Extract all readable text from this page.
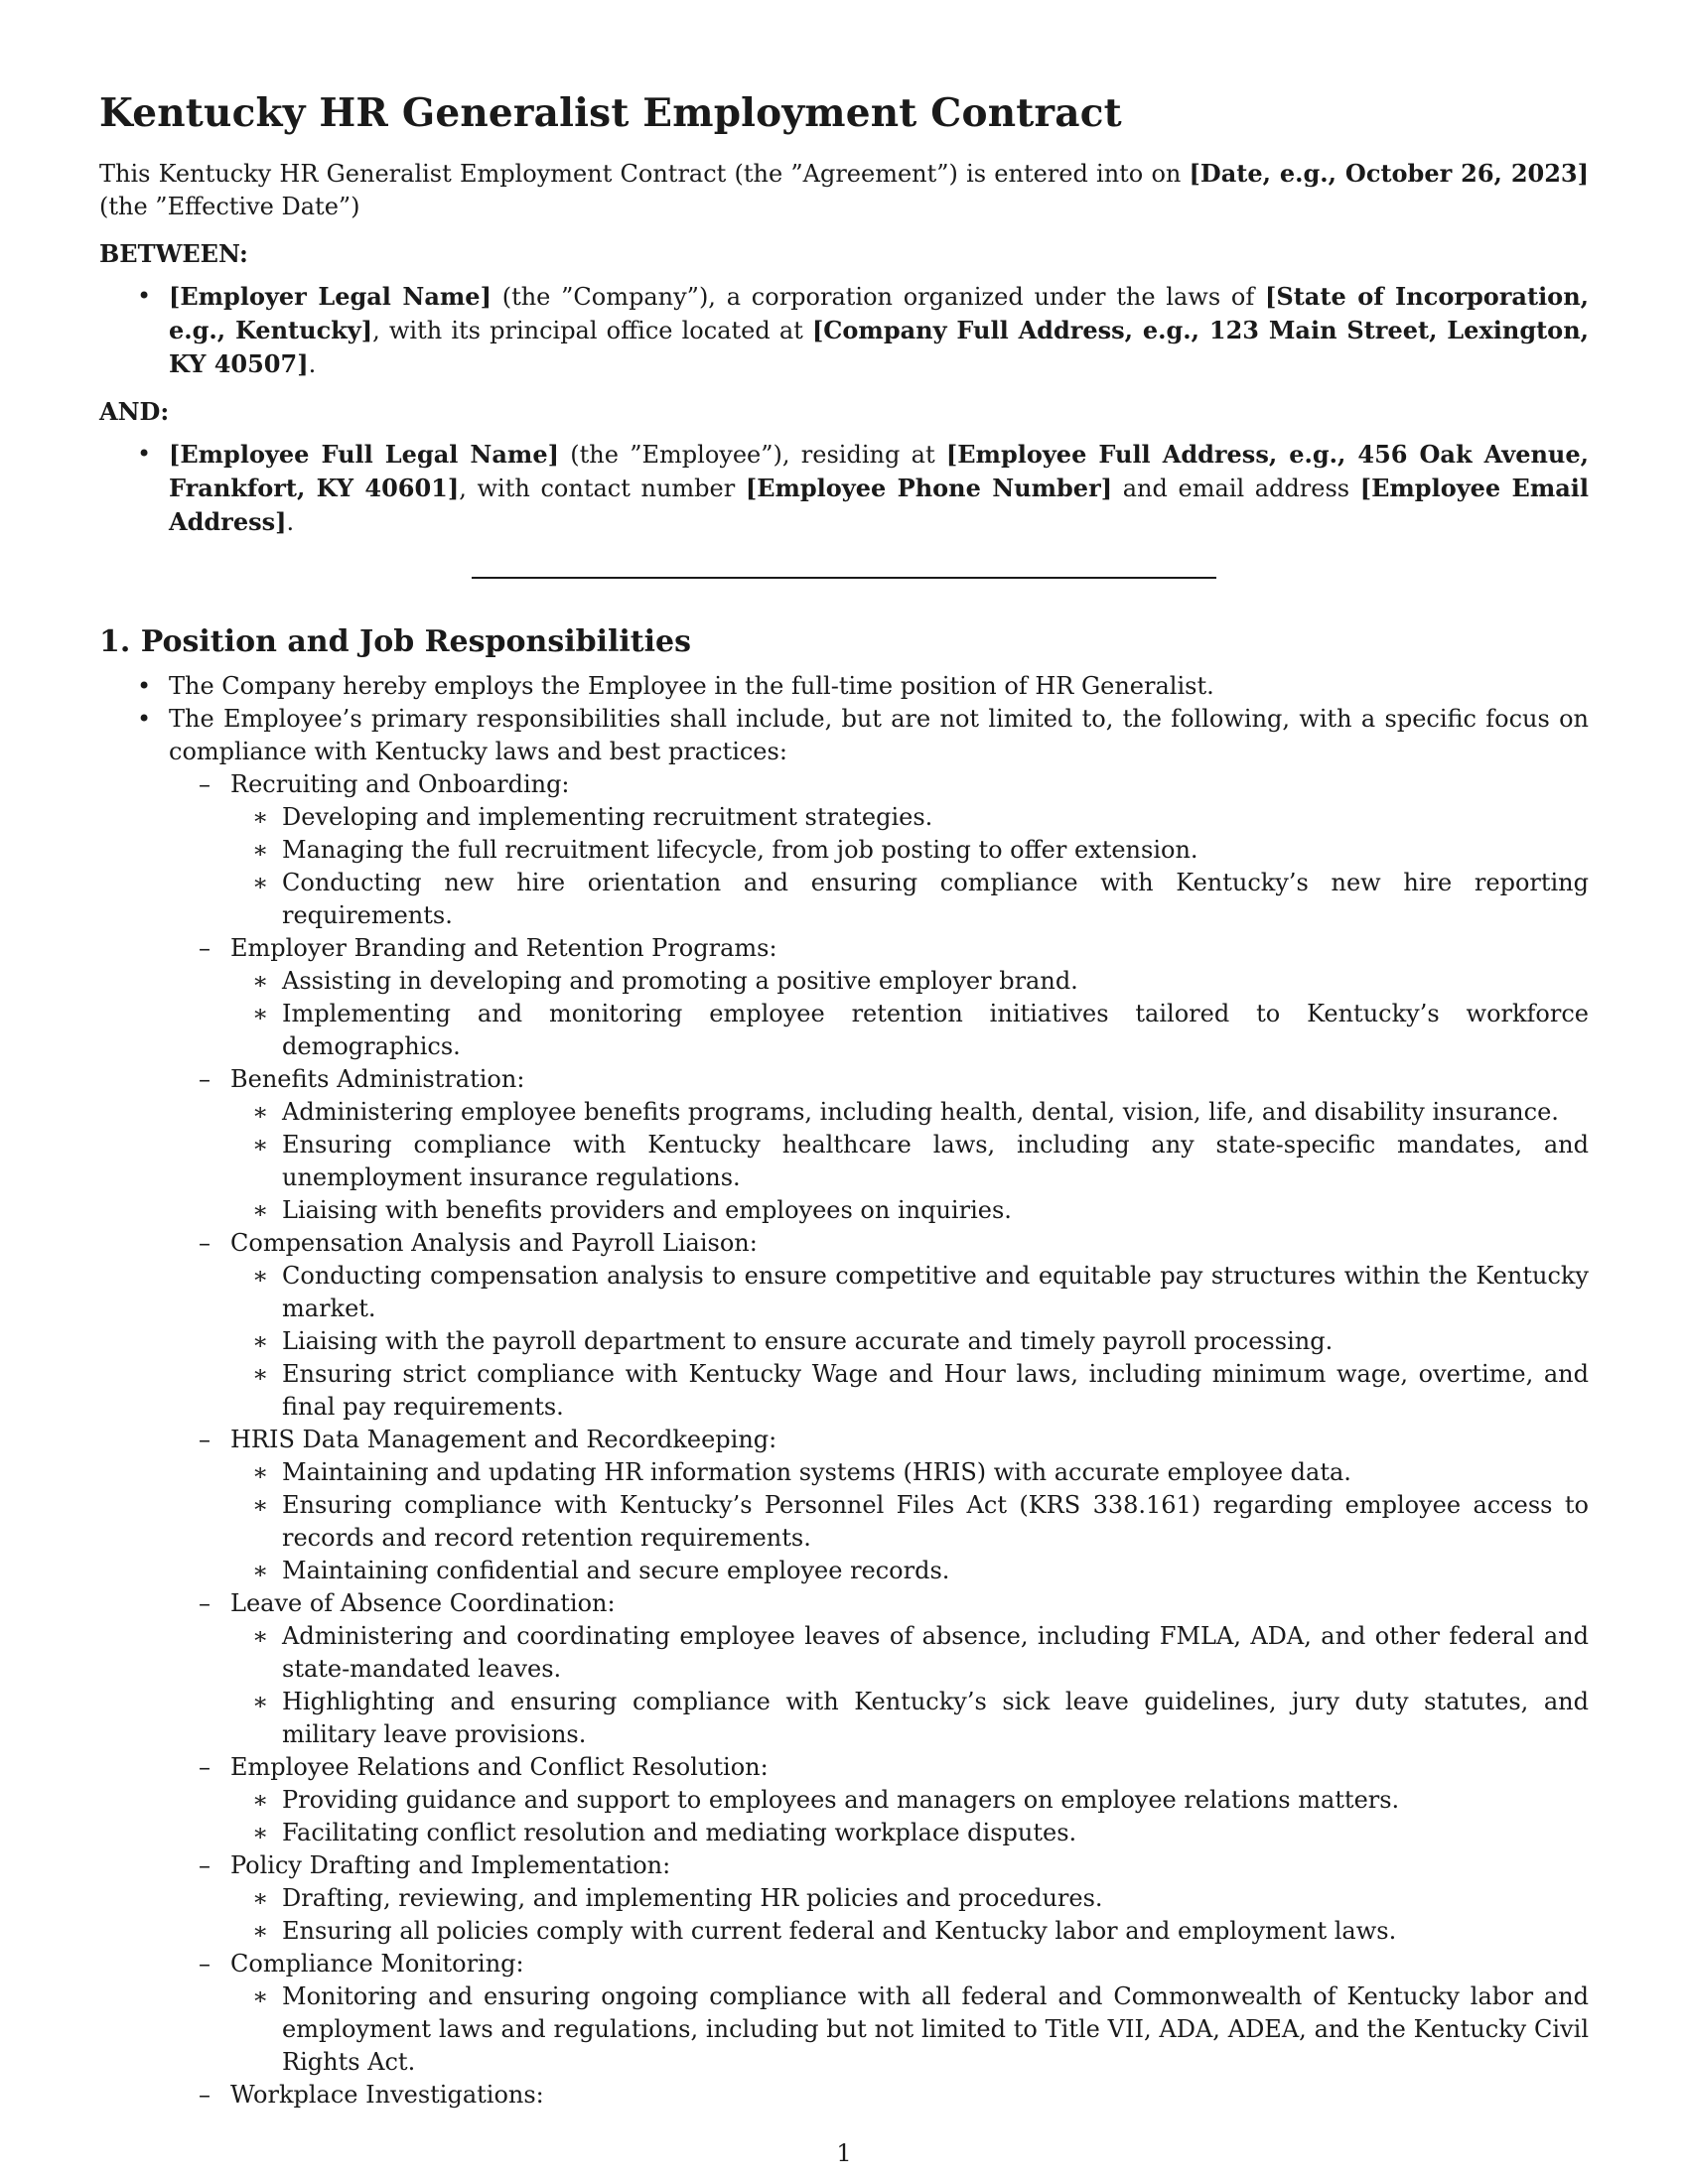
Kentucky HR Generalist Employment Contract
This Kentucky HR Generalist Employment Contract (the ”Agreement”) is entered into on [Date, e.g., October 26, 2023] (the ”Effective Date”)
BETWEEN:
• [Employer Legal Name] (the ”Company”), a corporation organized under the laws of [State of Incorporation, e.g., Kentucky], with its principal office located at [Company Full Address, e.g., 123 Main Street, Lexington, KY 40507].
AND:
• [Employee Full Legal Name] (the ”Employee”), residing at [Employee Full Address, e.g., 456 Oak Avenue, Frankfort, KY 40601], with contact number [Employee Phone Number] and email address [Employee Email Address].
1. Position and Job Responsibilities
• The Company hereby employs the Employee in the full-time position of HR Generalist.
• The Employee’s primary responsibilities shall include, but are not limited to, the following, with a specific focus on compliance with Kentucky laws and best practices:
– Recruiting and Onboarding:
∗ Developing and implementing recruitment strategies.
∗ Managing the full recruitment lifecycle, from job posting to offer extension.
∗ Conducting new hire orientation and ensuring compliance with Kentucky’s new hire reporting requirements.
– Employer Branding and Retention Programs:
∗ Assisting in developing and promoting a positive employer brand.
∗ Implementing and monitoring employee retention initiatives tailored to Kentucky’s workforce demographics.
– Benefits Administration:
∗ Administering employee benefits programs, including health, dental, vision, life, and disability insurance.
∗ Ensuring compliance with Kentucky healthcare laws, including any state-specific mandates, and unemployment insurance regulations.
∗ Liaising with benefits providers and employees on inquiries.
– Compensation Analysis and Payroll Liaison:
∗ Conducting compensation analysis to ensure competitive and equitable pay structures within the Kentucky market.
∗ Liaising with the payroll department to ensure accurate and timely payroll processing.
∗ Ensuring strict compliance with Kentucky Wage and Hour laws, including minimum wage, overtime, and final pay requirements.
– HRIS Data Management and Recordkeeping:
∗ Maintaining and updating HR information systems (HRIS) with accurate employee data.
∗ Ensuring compliance with Kentucky’s Personnel Files Act (KRS 338.161) regarding employee access to records and record retention requirements.
∗ Maintaining confidential and secure employee records.
– Leave of Absence Coordination:
∗ Administering and coordinating employee leaves of absence, including FMLA, ADA, and other federal and state-mandated leaves.
∗ Highlighting and ensuring compliance with Kentucky’s sick leave guidelines, jury duty statutes, and military leave provisions.
– Employee Relations and Conflict Resolution:
∗ Providing guidance and support to employees and managers on employee relations matters.
∗ Facilitating conflict resolution and mediating workplace disputes.
– Policy Drafting and Implementation:
∗ Drafting, reviewing, and implementing HR policies and procedures.
∗ Ensuring all policies comply with current federal and Kentucky labor and employment laws.
– Compliance Monitoring:
∗ Monitoring and ensuring ongoing compliance with all federal and Commonwealth of Kentucky labor and employment laws and regulations, including but not limited to Title VII, ADA, ADEA, and the Kentucky Civil Rights Act.
– Workplace Investigations:
1
